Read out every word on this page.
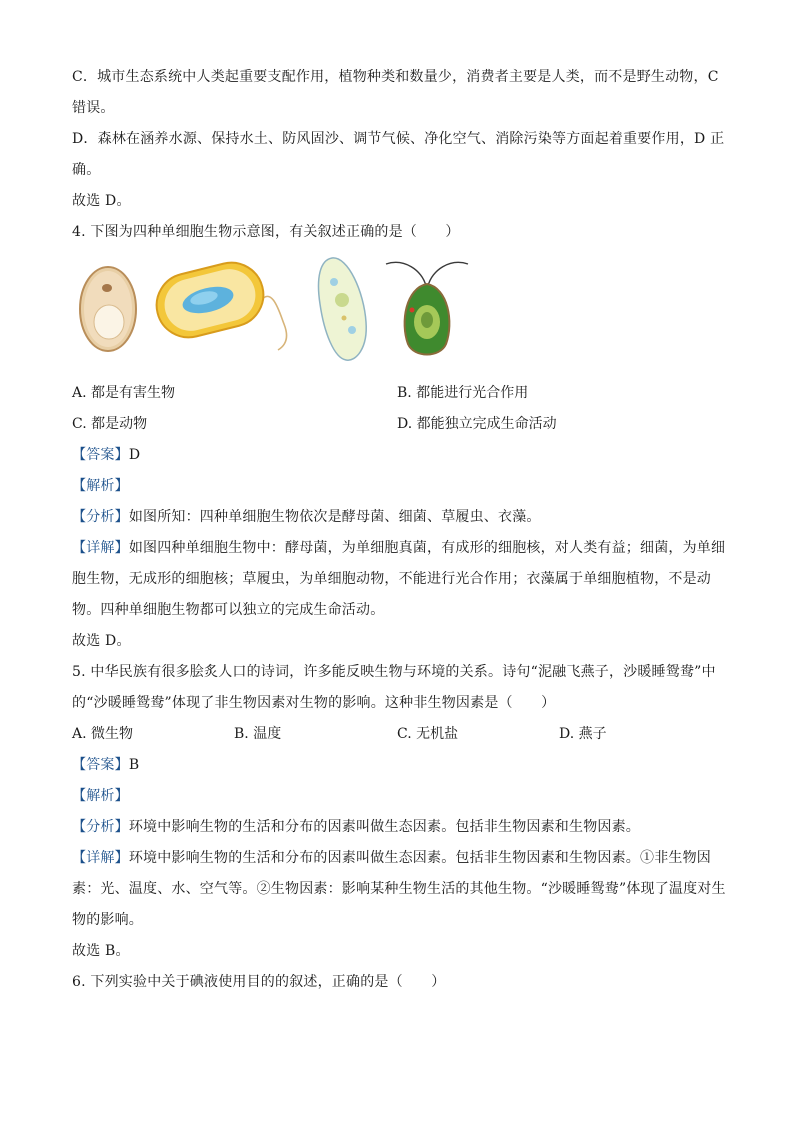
C．城市生态系统中人类起重要支配作用，植物种类和数量少，消费者主要是人类，而不是野生动物，C
错误。
D．森林在涵养水源、保持水土、防风固沙、调节气候、净化空气、消除污染等方面起着重要作用，D 正
确。
故选 D。
4. 下图为四种单细胞生物示意图，有关叙述正确的是（　　）
A. 都是有害生物	B. 都能进行光合作用
C. 都是动物	D. 都能独立完成生命活动
【答案】D
【解析】
【分析】如图所知：四种单细胞生物依次是酵母菌、细菌、草履虫、衣藻。
【详解】如图四种单细胞生物中：酵母菌，为单细胞真菌，有成形的细胞核，对人类有益；细菌，为单细
胞生物，无成形的细胞核；草履虫，为单细胞动物，不能进行光合作用；衣藻属于单细胞植物，不是动
物。四种单细胞生物都可以独立的完成生命活动。
故选 D。
5. 中华民族有很多脍炙人口的诗词，许多能反映生物与环境的关系。诗句“泥融飞燕子，沙暖睡鸳鸯”中
的“沙暖睡鸳鸯”体现了非生物因素对生物的影响。这种非生物因素是（　　）
A. 微生物	B. 温度	C. 无机盐	D. 燕子
【答案】B
【解析】
【分析】环境中影响生物的生活和分布的因素叫做生态因素。包括非生物因素和生物因素。
【详解】环境中影响生物的生活和分布的因素叫做生态因素。包括非生物因素和生物因素。①非生物因
素：光、温度、水、空气等。②生物因素：影响某种生物生活的其他生物。“沙暖睡鸳鸯”体现了温度对生
物的影响。
故选 B。
6. 下列实验中关于碘液使用目的的叙述，正确的是（　　）
